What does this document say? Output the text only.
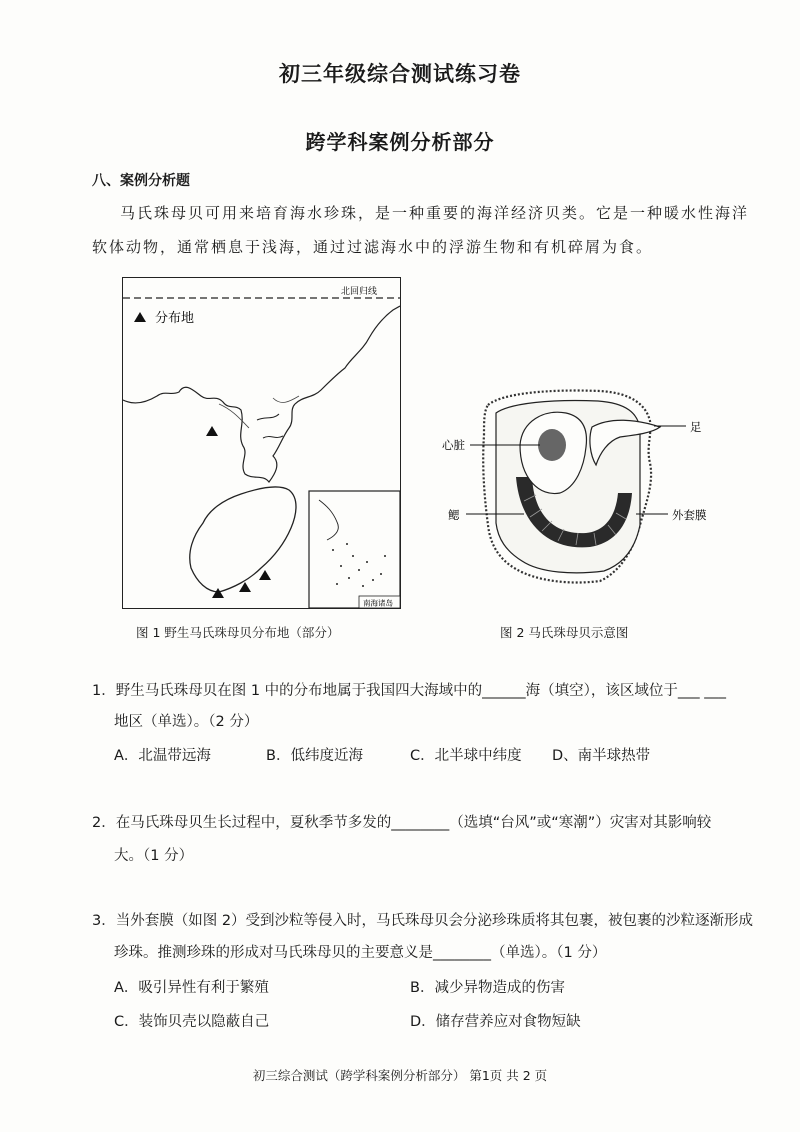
初三年级综合测试练习卷
跨学科案例分析部分
八、案例分析题
马氏珠母贝可用来培育海水珍珠，是一种重要的海洋经济贝类。它是一种暖水性海洋
软体动物，通常栖息于浅海，通过过滤海水中的浮游生物和有机碎屑为食。
北回归线
分布地
南海诸岛
图 1 野生马氏珠母贝分布地（部分）
足
心脏
鳃	外套膜
图 2 马氏珠母贝示意图
1．野生马氏珠母贝在图 1 中的分布地属于我国四大海域中的______海（填空），该区域位于___ ___
地区（单选）。（2 分）
A．北温带远海	B．低纬度近海	C．北半球中纬度 D、南半球热带
2．在马氏珠母贝生长过程中，夏秋季节多发的________（选填“台风”或“寒潮”）灾害对其影响较
大。（1 分）
3．当外套膜（如图 2）受到沙粒等侵入时，马氏珠母贝会分泌珍珠质将其包裹，被包裹的沙粒逐渐形成
珍珠。推测珍珠的形成对马氏珠母贝的主要意义是________（单选）。（1 分）
A．吸引异性有利于繁殖	B．减少异物造成的伤害
C．装饰贝壳以隐蔽自己	D．储存营养应对食物短缺
初三综合测试（跨学科案例分析部分） 第1页 共 2 页
